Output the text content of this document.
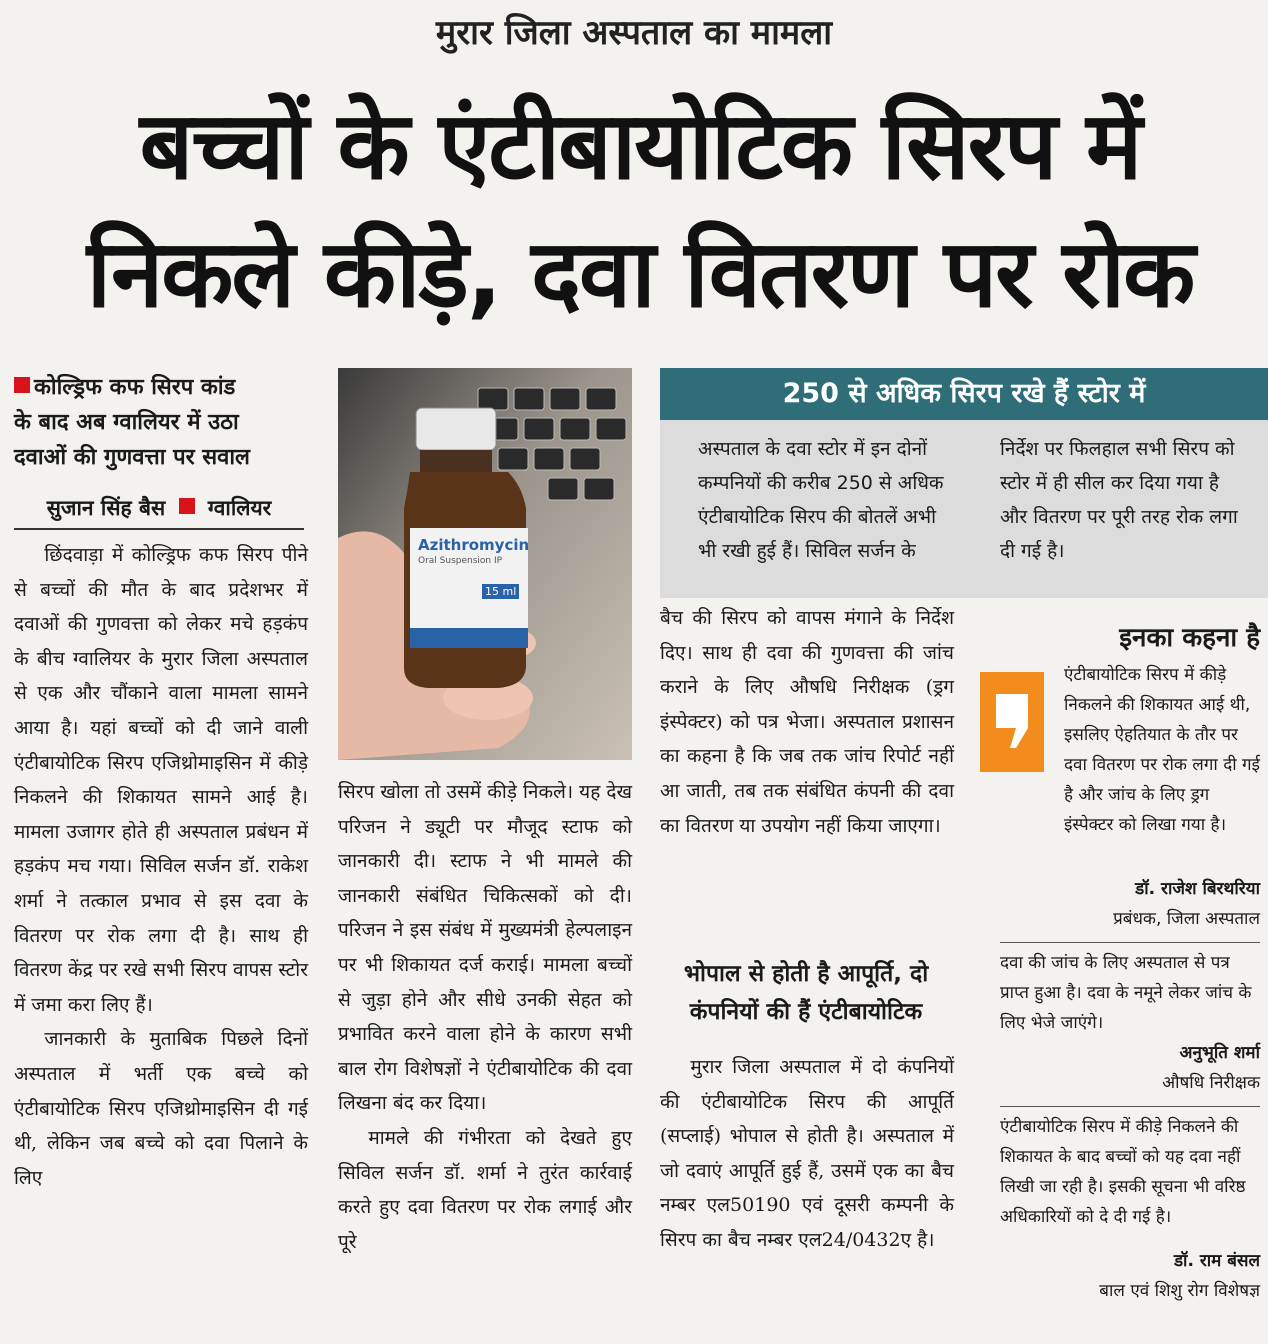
मुरार जिला अस्पताल का मामला
बच्चों के एंटीबायोटिक सिरप में
निकले कीड़े, दवा वितरण पर रोक
कोल्ड्रिफ कफ सिरप कांड
के बाद अब ग्वालियर में उठा
दवाओं की गुणवत्ता पर सवाल
सुजान सिंह बैस ग्वालियर

छिंदवाड़ा में कोल्ड्रिफ कफ सिरप पीने से बच्चों की मौत के बाद प्रदेशभर में दवाओं की गुणवत्ता को लेकर मचे हड़कंप के बीच ग्वालियर के मुरार जिला अस्पताल से एक और चौंकाने वाला मामला सामने आया है। यहां बच्चों को दी जाने वाली एंटीबायोटिक सिरप एजिथ्रोमाइसिन में कीड़े निकलने की शिकायत सामने आई है। मामला उजागर होते ही अस्पताल प्रबंधन में हड़कंप मच गया। सिविल सर्जन डॉ. राकेश शर्मा ने तत्काल प्रभाव से इस दवा के वितरण पर रोक लगा दी है। साथ ही वितरण केंद्र पर रखे सभी सिरप वापस स्टोर में जमा करा लिए हैं।

जानकारी के मुताबिक पिछले दिनों अस्पताल में भर्ती एक बच्चे को एंटीबायोटिक सिरप एजिथ्रोमाइसिन दी गई थी, लेकिन जब बच्चे को दवा पिलाने के लिए

Azithromycin
Oral Suspension IP
15 ml

सिरप खोला तो उसमें कीड़े निकले। यह देख परिजन ने ड्यूटी पर मौजूद स्टाफ को जानकारी दी। स्टाफ ने भी मामले की जानकारी संबंधित चिकित्सकों को दी। परिजन ने इस संबंध में मुख्यमंत्री हेल्पलाइन पर भी शिकायत दर्ज कराई। मामला बच्चों से जुड़ा होने और सीधे उनकी सेहत को प्रभावित करने वाला होने के कारण सभी बाल रोग विशेषज्ञों ने एंटीबायोटिक की दवा लिखना बंद कर दिया।

मामले की गंभीरता को देखते हुए सिविल सर्जन डॉ. शर्मा ने तुरंत कार्रवाई करते हुए दवा वितरण पर रोक लगाई और पूरे

250 से अधिक सिरप रखे हैं स्टोर में
अस्पताल के दवा स्टोर में इन दोनों कम्पनियों की करीब 250 से अधिक एंटीबायोटिक सिरप की बोतलें अभी भी रखी हुई हैं। सिविल सर्जन के
निर्देश पर फिलहाल सभी सिरप को स्टोर में ही सील कर दिया गया है और वितरण पर पूरी तरह रोक लगा दी गई है।

बैच की सिरप को वापस मंगाने के निर्देश दिए। साथ ही दवा की गुणवत्ता की जांच कराने के लिए औषधि निरीक्षक (ड्रग इंस्पेक्टर) को पत्र भेजा। अस्पताल प्रशासन का कहना है कि जब तक जांच रिपोर्ट नहीं आ जाती, तब तक संबंधित कंपनी की दवा का वितरण या उपयोग नहीं किया जाएगा।

भोपाल से होती है आपूर्ति, दो कंपनियों की हैं एंटीबायोटिक

मुरार जिला अस्पताल में दो कंपनियों की एंटीबायोटिक सिरप की आपूर्ति (सप्लाई) भोपाल से होती है। अस्पताल में जो दवाएं आपूर्ति हुई हैं, उसमें एक का बैच नम्बर एल50190 एवं दूसरी कम्पनी के सिरप का बैच नम्बर एल24/0432ए है।

इनका कहना है
एंटीबायोटिक सिरप में कीड़े निकलने की शिकायत आई थी, इसलिए ऐहतियात के तौर पर दवा वितरण पर रोक लगा दी गई है और जांच के लिए ड्रग इंस्पेक्टर को लिखा गया है।
डॉ. राजेश बिरथरिया
प्रबंधक, जिला अस्पताल
दवा की जांच के लिए अस्पताल से पत्र प्राप्त हुआ है। दवा के नमूने लेकर जांच के लिए भेजे जाएंगे।
अनुभूति शर्मा
औषधि निरीक्षक
एंटीबायोटिक सिरप में कीड़े निकलने की शिकायत के बाद बच्चों को यह दवा नहीं लिखी जा रही है। इसकी सूचना भी वरिष्ठ अधिकारियों को दे दी गई है।
डॉ. राम बंसल
बाल एवं शिशु रोग विशेषज्ञ
